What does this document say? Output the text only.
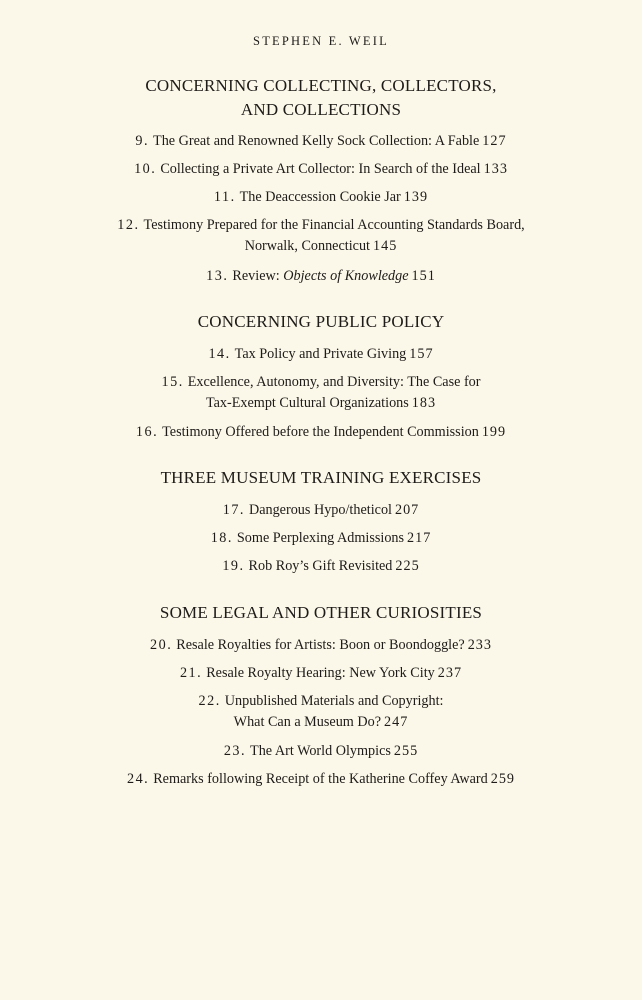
STEPHEN E. WEIL
CONCERNING COLLECTING, COLLECTORS,
AND COLLECTIONS
9. The Great and Renowned Kelly Sock Collection: A Fable 127
10. Collecting a Private Art Collector: In Search of the Ideal 133
11. The Deaccession Cookie Jar 139
12. Testimony Prepared for the Financial Accounting Standards Board,
Norwalk, Connecticut 145
13. Review: Objects of Knowledge 151
CONCERNING PUBLIC POLICY
14. Tax Policy and Private Giving 157
15. Excellence, Autonomy, and Diversity: The Case for
Tax-Exempt Cultural Organizations 183
16. Testimony Offered before the Independent Commission 199
THREE MUSEUM TRAINING EXERCISES
17. Dangerous Hypo/theticol 207
18. Some Perplexing Admissions 217
19. Rob Roy’s Gift Revisited 225
SOME LEGAL AND OTHER CURIOSITIES
20. Resale Royalties for Artists: Boon or Boondoggle? 233
21. Resale Royalty Hearing: New York City 237
22. Unpublished Materials and Copyright:
What Can a Museum Do? 247
23. The Art World Olympics 255
24. Remarks following Receipt of the Katherine Coffey Award 259
